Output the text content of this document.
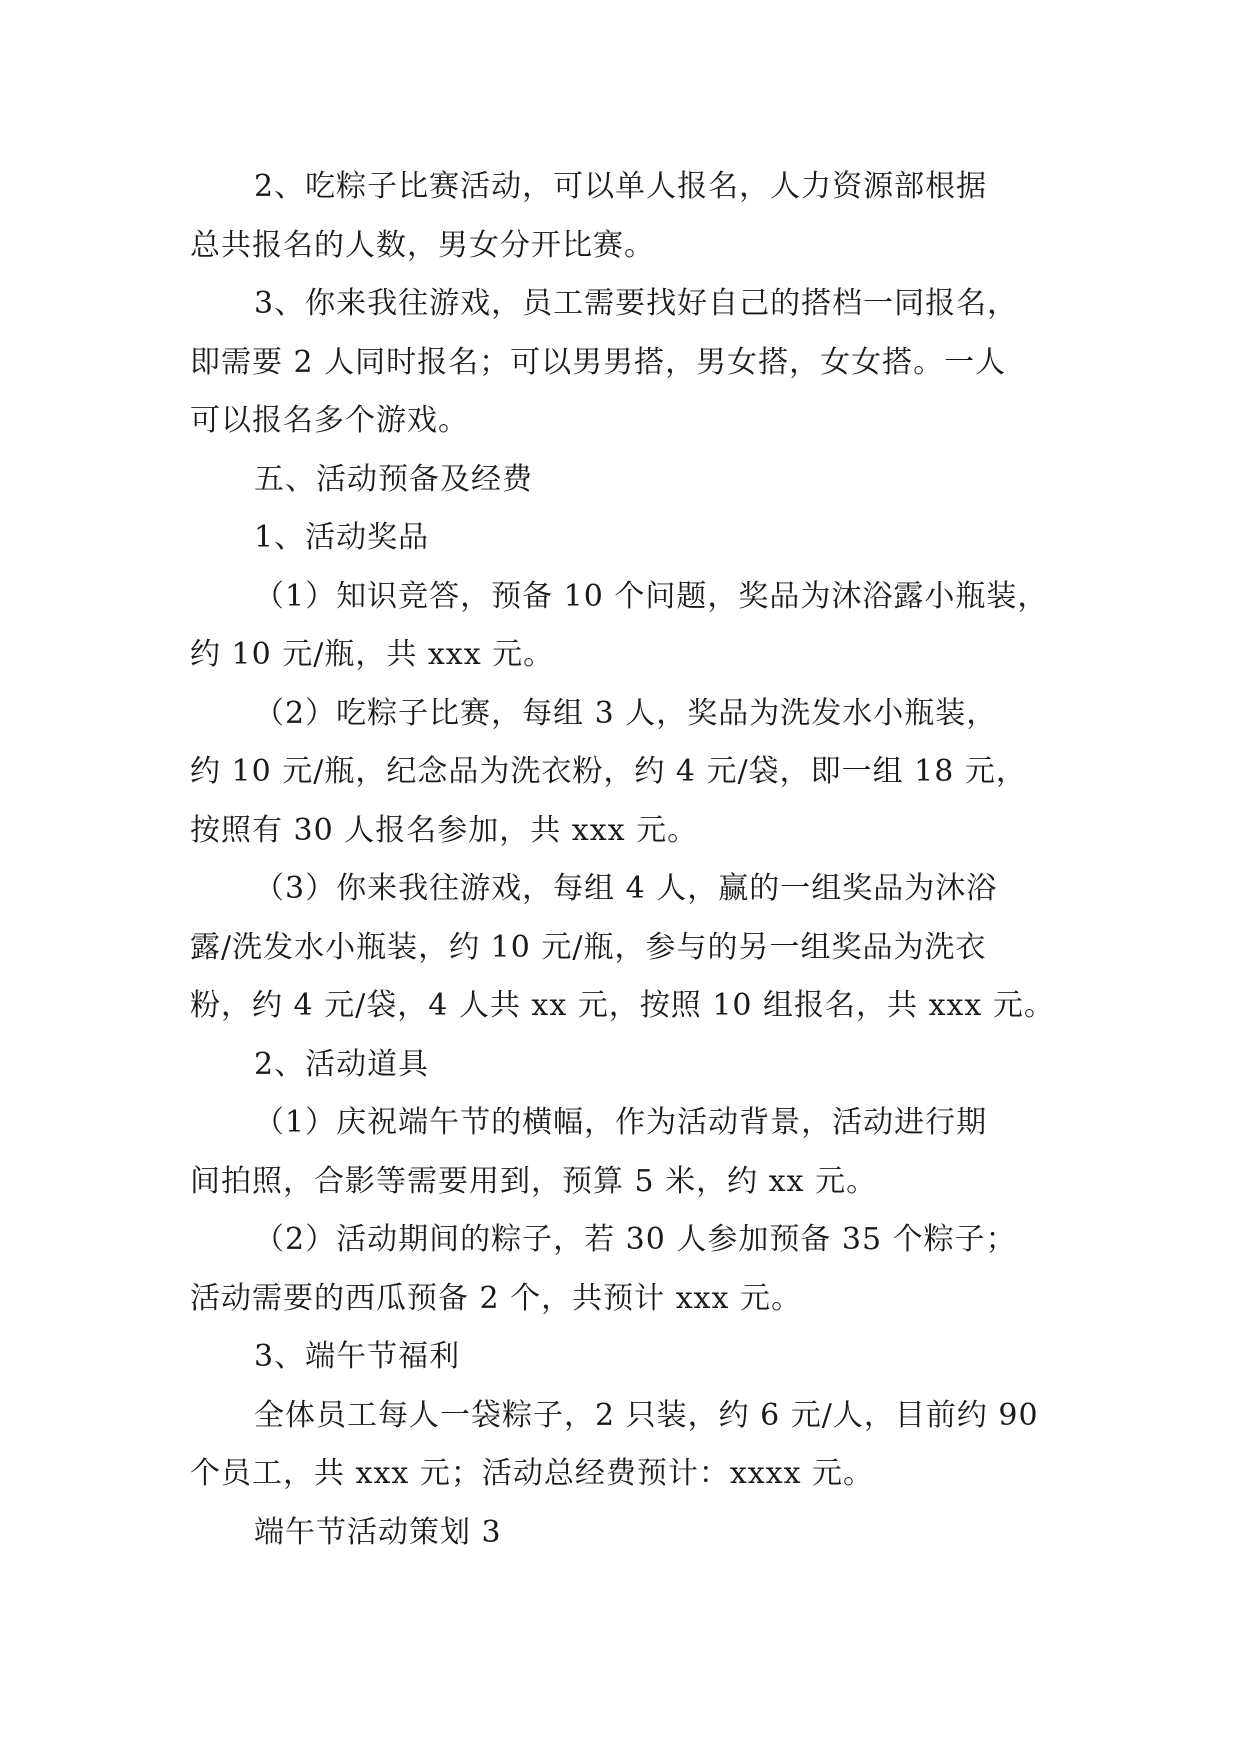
2、吃粽子比赛活动，可以单人报名，人力资源部根据
总共报名的人数，男女分开比赛。
3、你来我往游戏，员工需要找好自己的搭档一同报名，
即需要 2 人同时报名；可以男男搭，男女搭，女女搭。一人
可以报名多个游戏。
五、活动预备及经费
1、活动奖品
（1）知识竞答，预备 10 个问题，奖品为沐浴露小瓶装，
约 10 元/瓶，共 xxx 元。
（2）吃粽子比赛，每组 3 人，奖品为洗发水小瓶装，
约 10 元/瓶，纪念品为洗衣粉，约 4 元/袋，即一组 18 元，
按照有 30 人报名参加，共 xxx 元。
（3）你来我往游戏，每组 4 人，赢的一组奖品为沐浴
露/洗发水小瓶装，约 10 元/瓶，参与的另一组奖品为洗衣
粉，约 4 元/袋，4 人共 xx 元，按照 10 组报名，共 xxx 元。
2、活动道具
（1）庆祝端午节的横幅，作为活动背景，活动进行期
间拍照，合影等需要用到，预算 5 米，约 xx 元。
（2）活动期间的粽子，若 30 人参加预备 35 个粽子；
活动需要的西瓜预备 2 个，共预计 xxx 元。
3、端午节福利
全体员工每人一袋粽子，2 只装，约 6 元/人，目前约 90
个员工，共 xxx 元；活动总经费预计：xxxx 元。
端午节活动策划 3
